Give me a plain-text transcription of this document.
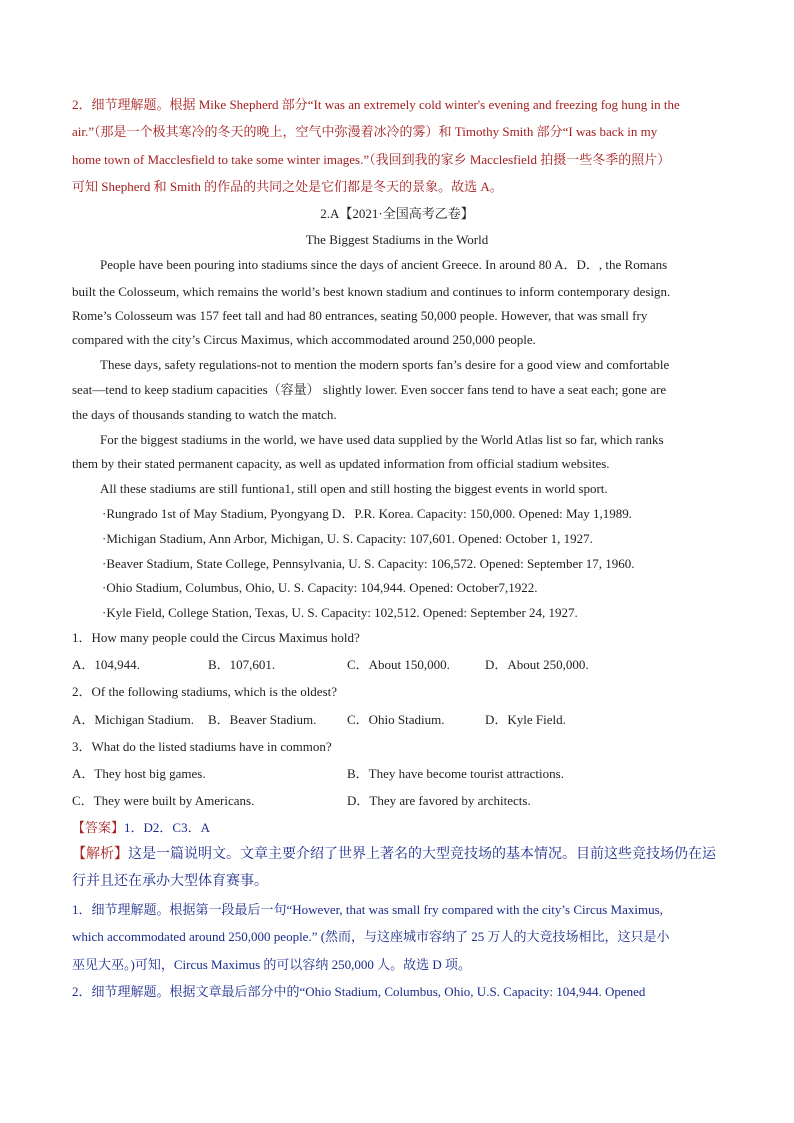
2．细节理解题。根据 Mike Shepherd 部分“It was an extremely cold winter's evening and freezing fog hung in the
air.”（那是一个极其寒冷的冬天的晚上，空气中弥漫着冰冷的雾）和 Timothy Smith 部分“I was back in my
home town of Macclesfield to take some winter images.”（我回到我的家乡 Macclesfield 拍摄一些冬季的照片）
可知 Shepherd 和 Smith 的作品的共同之处是它们都是冬天的景象。故选 A。
2.A【2021·全国高考乙卷】
The Biggest Stadiums in the World
People have been pouring into stadiums since the days of ancient Greece. In around 80 A．D．, the Romans
built the Colosseum, which remains the world’s best known stadium and continues to inform contemporary design.
Rome’s Colosseum was 157 feet tall and had 80 entrances, seating 50,000 people. However, that was small fry
compared with the city’s Circus Maximus, which accommodated around 250,000 people.
These days, safety regulations-not to mention the modern sports fan’s desire for a good view and comfortable
seat—tend to keep stadium capacities（容量） slightly lower. Even soccer fans tend to have a seat each; gone are
the days of thousands standing to watch the match.
For the biggest stadiums in the world, we have used data supplied by the World Atlas list so far, which ranks
them by their stated permanent capacity, as well as updated information from official stadium websites.
All these stadiums are still funtiona1, still open and still hosting the biggest events in world sport.
·Rungrado 1st of May Stadium, Pyongyang D．P.R. Korea. Capacity: 150,000. Opened: May 1,1989.
·Michigan Stadium, Ann Arbor, Michigan, U. S. Capacity: 107,601. Opened: October 1, 1927.
·Beaver Stadium, State College, Pennsylvania, U. S. Capacity: 106,572. Opened: September 17, 1960.
·Ohio Stadium, Columbus, Ohio, U. S. Capacity: 104,944. Opened: October7,1922.
·Kyle Field, College Station, Texas, U. S. Capacity: 102,512. Opened: September 24, 1927.
1．How many people could the Circus Maximus hold?
A．104,944.	B．107,601.	C．About 150,000.	D．About 250,000.
2．Of the following stadiums, which is the oldest?
A．Michigan Stadium. B．Beaver Stadium. C．Ohio Stadium.	D．Kyle Field.
3．What do the listed stadiums have in common?
A．They host big games.	B．They have become tourist attractions.
C．They were built by Americans.	D．They are favored by architects.
【答案】1．D2．C3．A
【解析】这是一篇说明文。文章主要介绍了世界上著名的大型竞技场的基本情况。目前这些竞技场仍在运
行并且还在承办大型体育赛事。
1．细节理解题。根据第一段最后一句“However, that was small fry compared with the city’s Circus Maximus,
which accommodated around 250,000 people.” (然而，与这座城市容纳了 25 万人的大竞技场相比，这只是小
巫见大巫。)可知，Circus Maximus 的可以容纳 250,000 人。故选 D 项。
2．细节理解题。根据文章最后部分中的“Ohio Stadium, Columbus, Ohio, U.S. Capacity: 104,944. Opened
